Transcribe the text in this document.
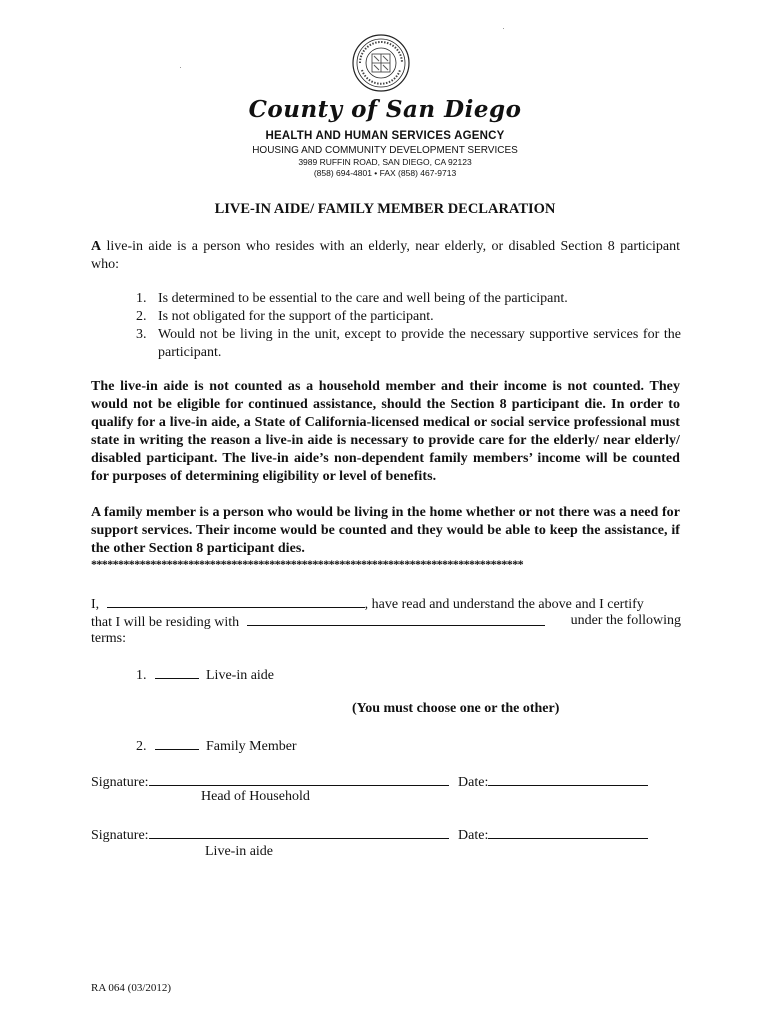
County of San Diego
HEALTH AND HUMAN SERVICES AGENCY
HOUSING AND COMMUNITY DEVELOPMENT SERVICES
3989 RUFFIN ROAD, SAN DIEGO, CA 92123
(858) 694-4801 • FAX (858) 467-9713
LIVE-IN AIDE/ FAMILY MEMBER DECLARATION
A live-in aide is a person who resides with an elderly, near elderly, or disabled Section 8 participant who:
1. Is determined to be essential to the care and well being of the participant.
2. Is not obligated for the support of the participant.
3. Would not be living in the unit, except to provide the necessary supportive services for the participant.
The live-in aide is not counted as a household member and their income is not counted. They would not be eligible for continued assistance, should the Section 8 participant die. In order to qualify for a live-in aide, a State of California-licensed medical or social service professional must state in writing the reason a live-in aide is necessary to provide care for the elderly/ near elderly/ disabled participant. The live-in aide’s non-dependent family members’ income will be counted for purposes of determining eligibility or level of benefits.
A family member is a person who would be living in the home whether or not there was a need for support services. Their income would be counted and they would be able to keep the assistance, if the other Section 8 participant dies.
********************************************************************************
I,	, have read and understand the above and I certify
that I will be residing with	under the following
terms:
1.	Live-in aide
(You must choose one or the other)
2.	Family Member
Signature:	Date:
Head of Household
Signature:	Date:
Live-in aide
RA 064 (03/2012)
